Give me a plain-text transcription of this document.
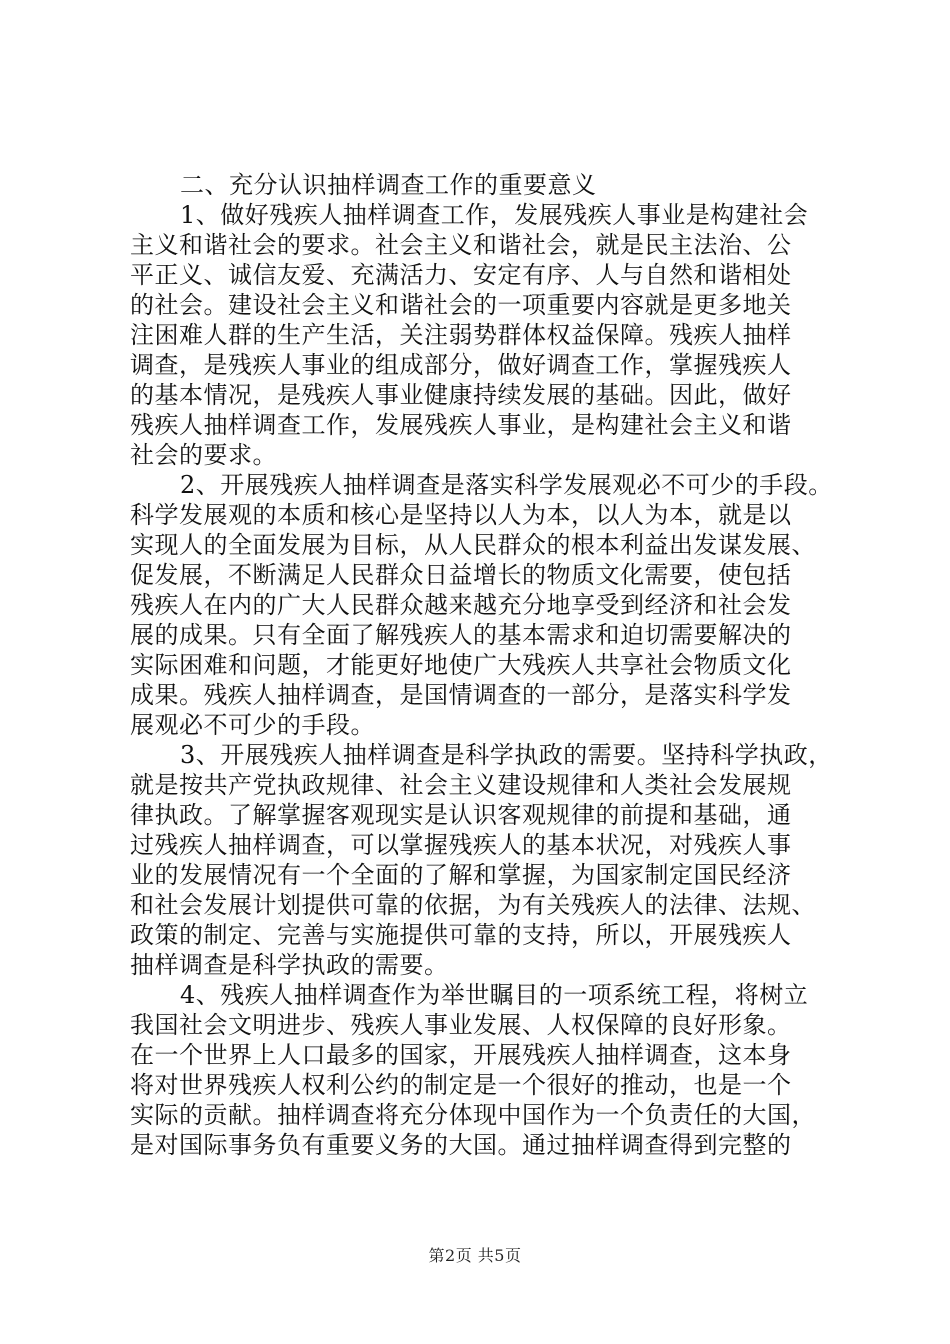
二、充分认识抽样调查工作的重要意义
1、做好残疾人抽样调查工作，发展残疾人事业是构建社会
主义和谐社会的要求。社会主义和谐社会，就是民主法治、公
平正义、诚信友爱、充满活力、安定有序、人与自然和谐相处
的社会。建设社会主义和谐社会的一项重要内容就是更多地关
注困难人群的生产生活，关注弱势群体权益保障。残疾人抽样
调查，是残疾人事业的组成部分，做好调查工作，掌握残疾人
的基本情况，是残疾人事业健康持续发展的基础。因此，做好
残疾人抽样调查工作，发展残疾人事业，是构建社会主义和谐
社会的要求。
2、开展残疾人抽样调查是落实科学发展观必不可少的手段。
科学发展观的本质和核心是坚持以人为本，以人为本，就是以
实现人的全面发展为目标，从人民群众的根本利益出发谋发展、
促发展，不断满足人民群众日益增长的物质文化需要，使包括
残疾人在内的广大人民群众越来越充分地享受到经济和社会发
展的成果。只有全面了解残疾人的基本需求和迫切需要解决的
实际困难和问题，才能更好地使广大残疾人共享社会物质文化
成果。残疾人抽样调查，是国情调查的一部分，是落实科学发
展观必不可少的手段。
3、开展残疾人抽样调查是科学执政的需要。坚持科学执政，
就是按共产党执政规律、社会主义建设规律和人类社会发展规
律执政。了解掌握客观现实是认识客观规律的前提和基础，通
过残疾人抽样调查，可以掌握残疾人的基本状况，对残疾人事
业的发展情况有一个全面的了解和掌握，为国家制定国民经济
和社会发展计划提供可靠的依据，为有关残疾人的法律、法规、
政策的制定、完善与实施提供可靠的支持，所以，开展残疾人
抽样调查是科学执政的需要。
4、残疾人抽样调查作为举世瞩目的一项系统工程，将树立
我国社会文明进步、残疾人事业发展、人权保障的良好形象。
在一个世界上人口最多的国家，开展残疾人抽样调查，这本身
将对世界残疾人权利公约的制定是一个很好的推动，也是一个
实际的贡献。抽样调查将充分体现中国作为一个负责任的大国，
是对国际事务负有重要义务的大国。通过抽样调查得到完整的
第2页 共5页
